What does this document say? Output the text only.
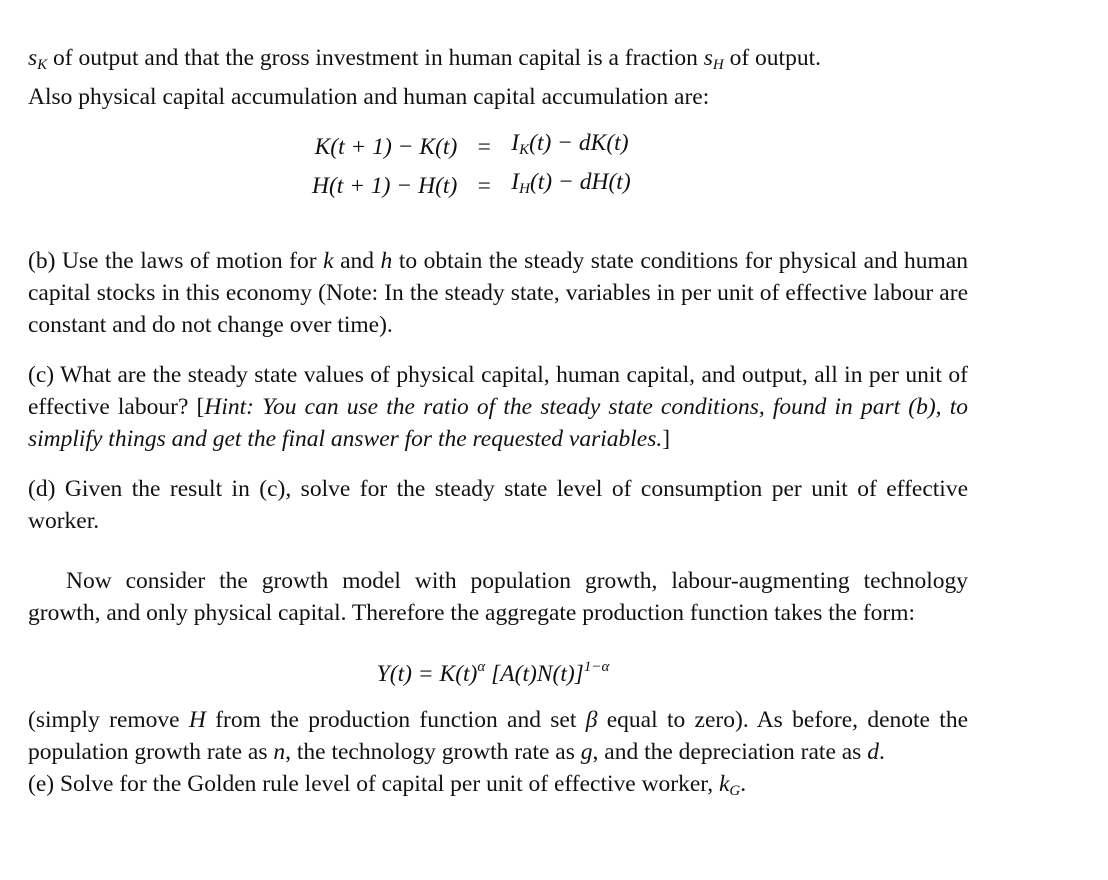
$s_K$ of output and that the gross investment in human capital is a fraction $s_H$ of output.

Also physical capital accumulation and human capital accumulation are:

K(t + 1) − K(t)	=	$I_K(t) - dK(t)$
H(t + 1) − H(t)	=	$I_H(t) - dH(t)$

(b) Use the laws of motion for k and h to obtain the steady state conditions for physical and human capital stocks in this economy (Note: In the steady state, variables in per unit of effective labour are constant and do not change over time).

(c) What are the steady state values of physical capital, human capital, and output, all in per unit of effective labour? [Hint: You can use the ratio of the steady state conditions, found in part (b), to simplify things and get the final answer for the requested variables.]

(d) Given the result in (c), solve for the steady state level of consumption per unit of effective worker.

Now consider the growth model with population growth, labour-augmenting technology growth, and only physical capital. Therefore the aggregate production function takes the form:

$Y(t) = K(t)^\alpha$ $[A(t)N(t)]^{1-\alpha}$

(simply remove H from the production function and set β equal to zero). As before, denote the population growth rate as n, the technology growth rate as g, and the depreciation rate as d.

(e) Solve for the Golden rule level of capital per unit of effective worker, $k_G$.
